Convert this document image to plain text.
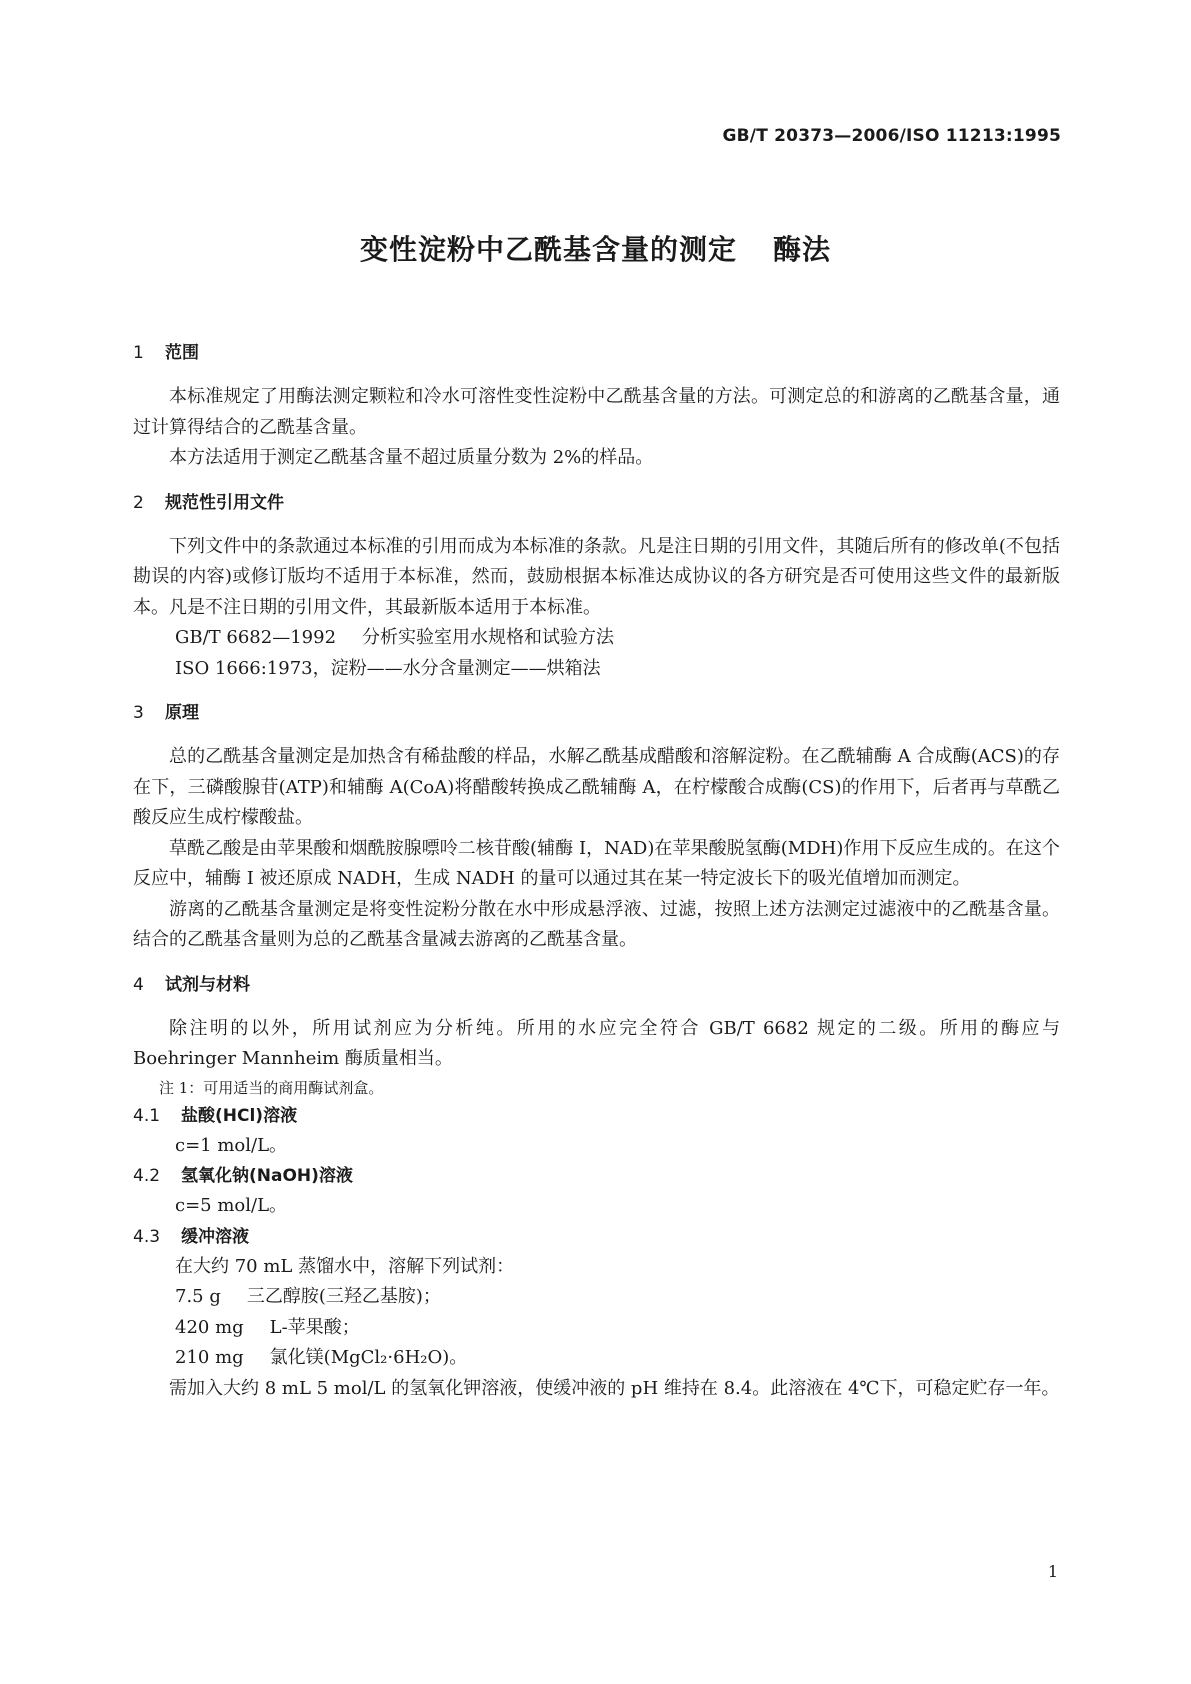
GB/T 20373—2006/ISO 11213:1995
变性淀粉中乙酰基含量的测定 酶法
1 范围

本标准规定了用酶法测定颗粒和冷水可溶性变性淀粉中乙酰基含量的方法。可测定总的和游离的乙酰基含量，通过计算得结合的乙酰基含量。

本方法适用于测定乙酰基含量不超过质量分数为 2%的样品。

2 规范性引用文件

下列文件中的条款通过本标准的引用而成为本标准的条款。凡是注日期的引用文件，其随后所有的修改单(不包括勘误的内容)或修订版均不适用于本标准，然而，鼓励根据本标准达成协议的各方研究是否可使用这些文件的最新版本。凡是不注日期的引用文件，其最新版本适用于本标准。

GB/T 6682—1992 分析实验室用水规格和试验方法

ISO 1666:1973，淀粉——水分含量测定——烘箱法

3 原理

总的乙酰基含量测定是加热含有稀盐酸的样品，水解乙酰基成醋酸和溶解淀粉。在乙酰辅酶 A 合成酶(ACS)的存在下，三磷酸腺苷(ATP)和辅酶 A(CoA)将醋酸转换成乙酰辅酶 A，在柠檬酸合成酶(CS)的作用下，后者再与草酰乙酸反应生成柠檬酸盐。

草酰乙酸是由苹果酸和烟酰胺腺嘌呤二核苷酸(辅酶 I，NAD)在苹果酸脱氢酶(MDH)作用下反应生成的。在这个反应中，辅酶 I 被还原成 NADH，生成 NADH 的量可以通过其在某一特定波长下的吸光值增加而测定。

游离的乙酰基含量测定是将变性淀粉分散在水中形成悬浮液、过滤，按照上述方法测定过滤液中的乙酰基含量。结合的乙酰基含量则为总的乙酰基含量减去游离的乙酰基含量。

4 试剂与材料

除注明的以外，所用试剂应为分析纯。所用的水应完全符合 GB/T 6682 规定的二级。所用的酶应与 Boehringer Mannheim 酶质量相当。

注 1：可用适当的商用酶试剂盒。

4.1 盐酸(HCl)溶液

c=1 mol/L。

4.2 氢氧化钠(NaOH)溶液

c=5 mol/L。

4.3 缓冲溶液

在大约 70 mL 蒸馏水中，溶解下列试剂：

7.5 g 三乙醇胺(三羟乙基胺)；

420 mg L-苹果酸；

210 mg 氯化镁(MgCl₂·6H₂O)。

需加入大约 8 mL 5 mol/L 的氢氧化钾溶液，使缓冲液的 pH 维持在 8.4。此溶液在 4℃下，可稳定贮存一年。

1
